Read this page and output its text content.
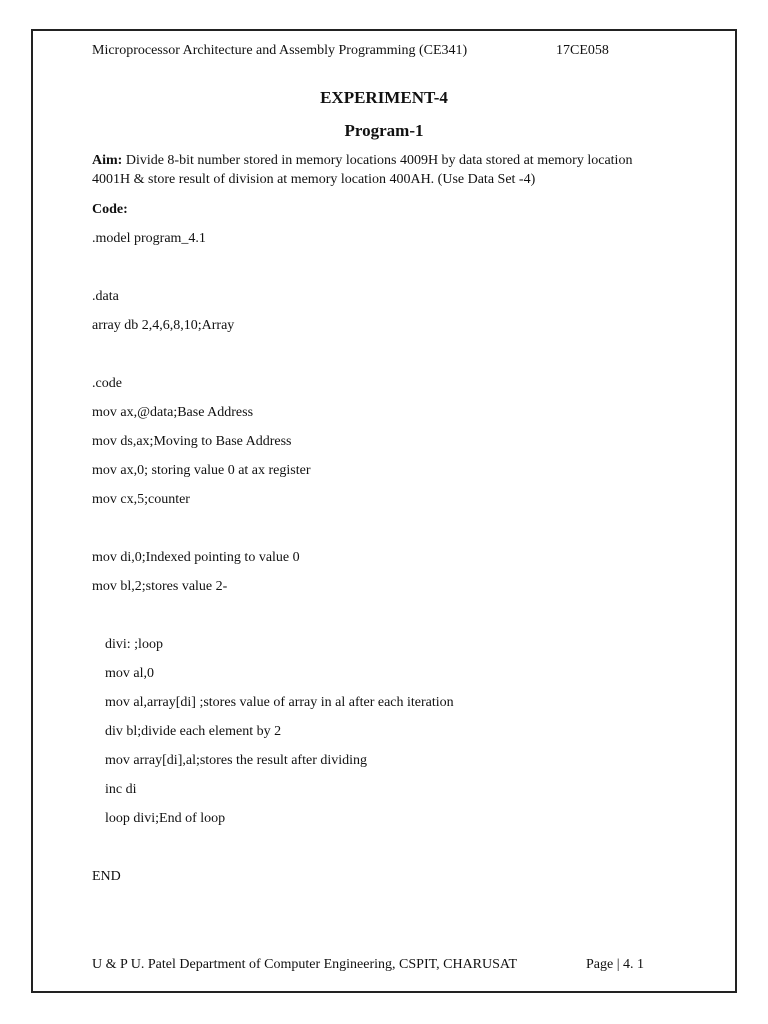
Microprocessor Architecture and Assembly Programming (CE341)	17CE058
EXPERIMENT-4
Program-1
Aim: Divide 8-bit number stored in memory locations 4009H by data stored at memory location 4001H & store result of division at memory location 400AH. (Use Data Set -4)
Code:
.model program_4.1
.data
array db 2,4,6,8,10;Array
.code
mov ax,@data;Base Address
mov ds,ax;Moving to Base Address
mov ax,0; storing value 0 at ax register
mov cx,5;counter
mov di,0;Indexed pointing to value 0
mov bl,2;stores value 2-
divi: ;loop
mov al,0
mov al,array[di] ;stores value of array in al after each iteration
div bl;divide each element by 2
mov array[di],al;stores the result after dividing
inc di
loop divi;End of loop
END
U & P U. Patel Department of Computer Engineering, CSPIT, CHARUSAT	Page | 4. 1
